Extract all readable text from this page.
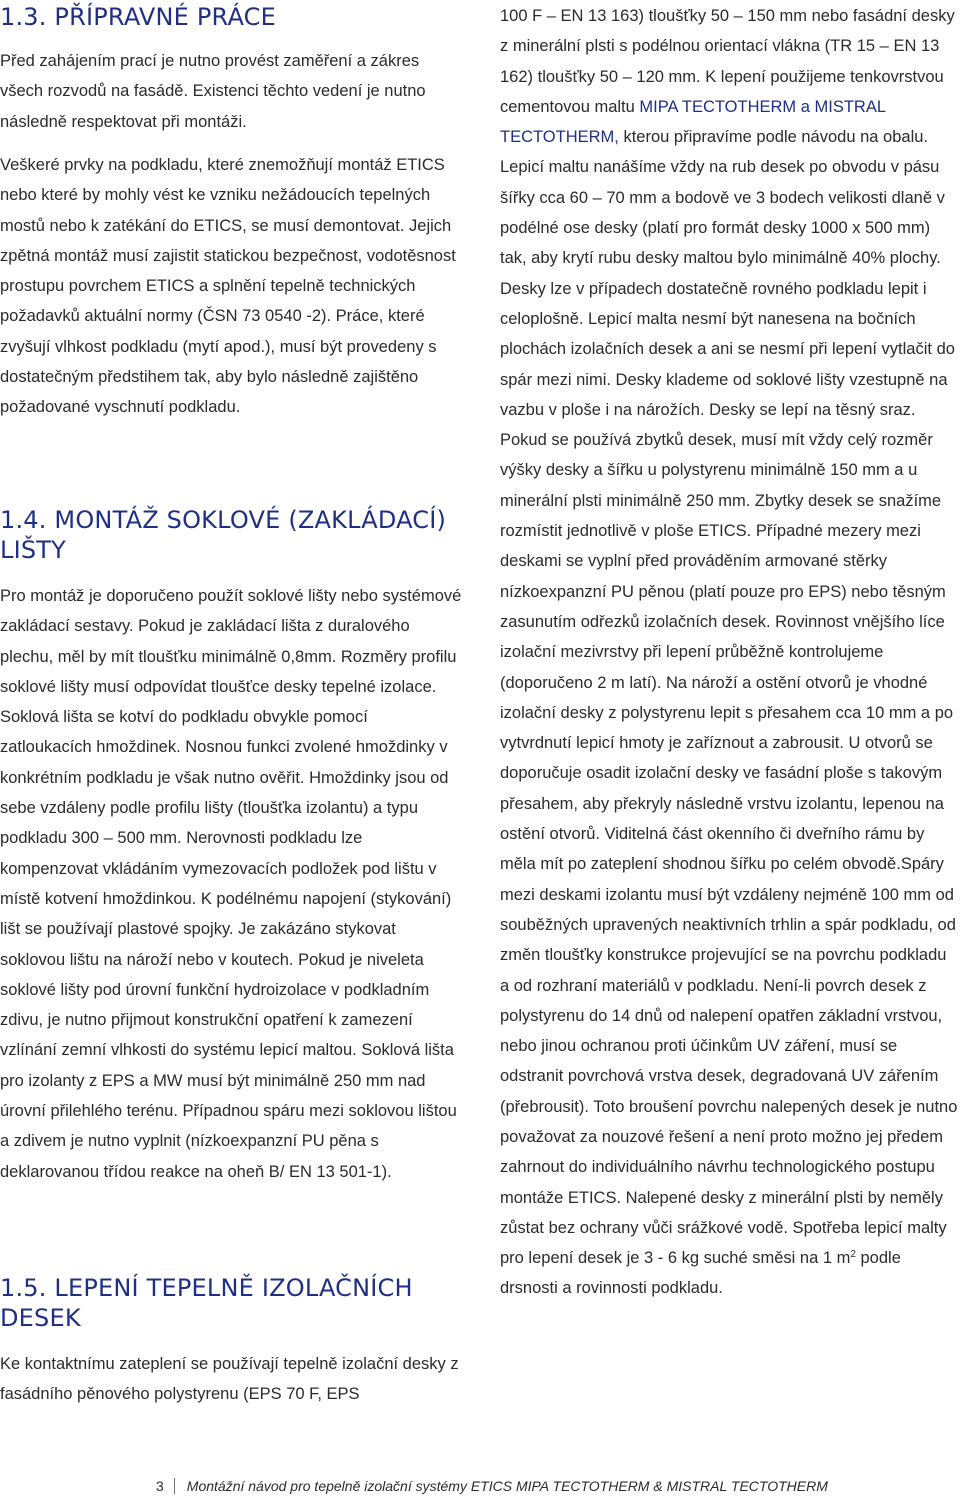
1.3. PŘÍPRAVNÉ PRÁCE

Před zahájením prací je nutno provést zaměření a zákres všech rozvodů na fasádě. Existenci těchto vedení je nutno následně respektovat při montáži.

Veškeré prvky na podkladu, které znemožňují montáž ETICS nebo které by mohly vést ke vzniku nežádoucích tepelných mostů nebo k zatékání do ETICS, se musí demontovat. Jejich zpětná montáž musí zajistit statickou bezpečnost, vodotěsnost prostupu povrchem ETICS a splnění tepelně technických požadavků aktuální normy (ČSN 73 0540 -2). Práce, které zvyšují vlhkost podkladu (mytí apod.), musí být provedeny s dostatečným předstihem tak, aby bylo následně zajištěno požadované vyschnutí podkladu.

1.4. MONTÁŽ SOKLOVÉ (ZAKLÁDACÍ) LIŠTY

Pro montáž je doporučeno použít soklové lišty nebo systémové zakládací sestavy. Pokud je zakládací lišta z duralového plechu, měl by mít tloušťku minimálně 0,8mm. Rozměry profilu soklové lišty musí odpovídat tloušťce desky tepelné izolace. Soklová lišta se kotví do podkladu obvykle pomocí zatloukacích hmoždinek. Nosnou funkci zvolené hmoždinky v konkrétním podkladu je však nutno ověřit. Hmoždinky jsou od sebe vzdáleny podle profilu lišty (tloušťka izolantu) a typu podkladu 300 – 500 mm. Nerovnosti podkladu lze kompenzovat vkládáním vymezovacích podložek pod lištu v místě kotvení hmoždinkou. K podélnému napojení (stykování) lišt se používají plastové spojky. Je zakázáno stykovat soklovou lištu na nároží nebo v koutech. Pokud je niveleta soklové lišty pod úrovní funkční hydroizolace v podkladním zdivu, je nutno přijmout konstrukční opatření k zamezení vzlínání zemní vlhkosti do systému lepicí maltou. Soklová lišta pro izolanty z EPS a MW musí být minimálně 250 mm nad úrovní přilehlého terénu. Případnou spáru mezi soklovou lištou a zdivem je nutno vyplnit (nízkoexpanzní PU pěna s deklarovanou třídou reakce na oheň B/ EN 13 501-1).

1.5. LEPENÍ TEPELNĚ IZOLAČNÍCH DESEK

Ke kontaktnímu zateplení se používají tepelně izolační desky z fasádního pěnového polystyrenu (EPS 70 F, EPS

100 F – EN 13 163) tloušťky 50 – 150 mm nebo fasádní desky z minerální plsti s podélnou orientací vlákna (TR 15 – EN 13 162) tloušťky 50 – 120 mm. K lepení použijeme tenkovrstvou cementovou maltu MIPA TECTOTHERM a MISTRAL TECTOTHERM, kterou připravíme podle návodu na obalu. Lepicí maltu nanášíme vždy na rub desek po obvodu v pásu šířky cca 60 – 70 mm a bodově ve 3 bodech velikosti dlaně v podélné ose desky (platí pro formát desky 1000 x 500 mm) tak, aby krytí rubu desky maltou bylo minimálně 40% plochy. Desky lze v případech dostatečně rovného podkladu lepit i celoplošně. Lepicí malta nesmí být nanesena na bočních plochách izolačních desek a ani se nesmí při lepení vytlačit do spár mezi nimi. Desky klademe od soklové lišty vzestupně na vazbu v ploše i na nárožích. Desky se lepí na těsný sraz. Pokud se používá zbytků desek, musí mít vždy celý rozměr výšky desky a šířku u polystyrenu minimálně 150 mm a u minerální plsti minimálně 250 mm. Zbytky desek se snažíme rozmístit jednotlivě v ploše ETICS. Případné mezery mezi deskami se vyplní před prováděním armované stěrky nízkoexpanzní PU pěnou (platí pouze pro EPS) nebo těsným zasunutím odřezků izolačních desek. Rovinnost vnějšího líce izolační mezivrstvy při lepení průběžně kontrolujeme (doporučeno 2 m latí). Na nároží a ostění otvorů je vhodné izolační desky z polystyrenu lepit s přesahem cca 10 mm a po vytvrdnutí lepicí hmoty je zaříznout a zabrousit. U otvorů se doporučuje osadit izolační desky ve fasádní ploše s takovým přesahem, aby překryly následně vrstvu izolantu, lepenou na ostění otvorů. Viditelná část okenního či dveřního rámu by měla mít po zateplení shodnou šířku po celém obvodě.Spáry mezi deskami izolantu musí být vzdáleny nejméně 100 mm od souběžných upravených neaktivních trhlin a spár podkladu, od změn tloušťky konstrukce projevující se na povrchu podkladu a od rozhraní materiálů v podkladu. Není-li povrch desek z polystyrenu do 14 dnů od nalepení opatřen základní vrstvou, nebo jinou ochranou proti účinkům UV záření, musí se odstranit povrchová vrstva desek, degradovaná UV zářením (přebrousit). Toto broušení povrchu nalepených desek je nutno považovat za nouzové řešení a není proto možno jej předem zahrnout do individuálního návrhu technologického postupu montáže ETICS. Nalepené desky z minerální plsti by neměly zůstat bez ochrany vůči srážkové vodě. Spotřeba lepicí malty pro lepení desek je 3 - 6 kg suché směsi na 1 $m^2$ podle drsnosti a rovinnosti podkladu.

3 Montážní návod pro tepelně izolační systémy ETICS MIPA TECTOTHERM & MISTRAL TECTOTHERM
